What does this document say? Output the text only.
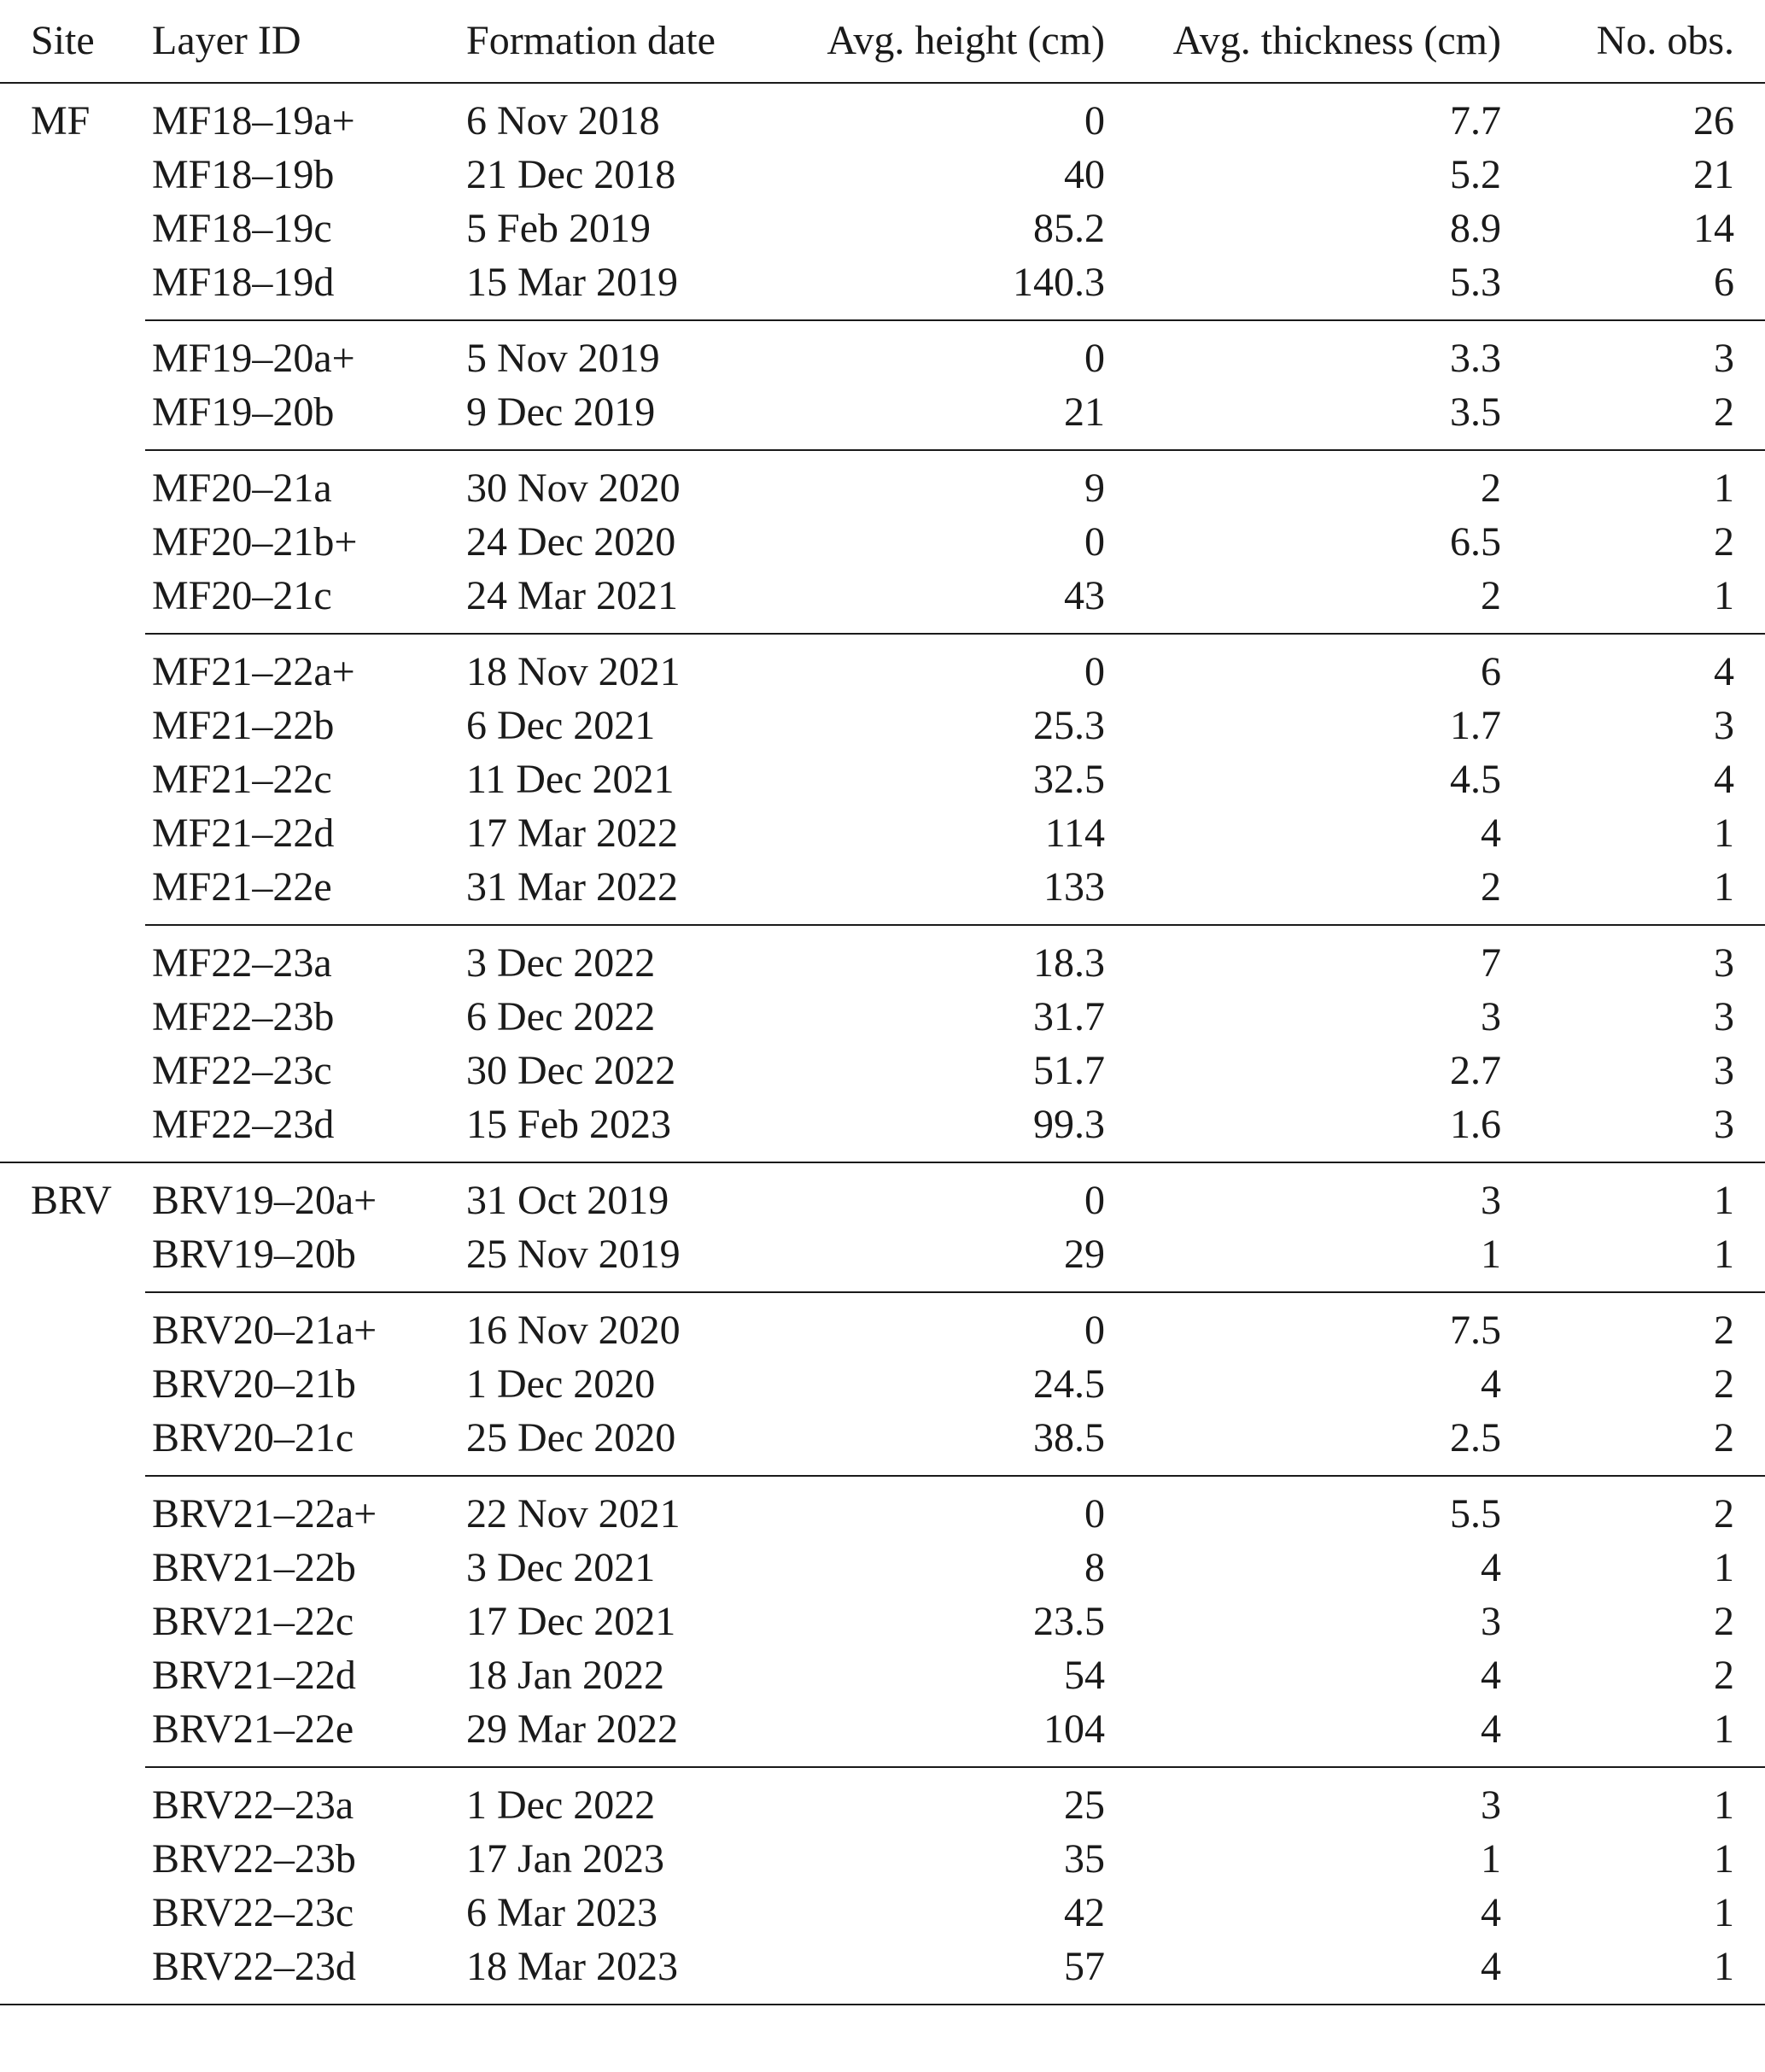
Site	Layer ID	Formation date	Avg. height (cm)	Avg. thickness (cm)	No. obs.

MF	MF18–19a+	6 Nov 2018	0	7.7	26
	MF18–19b	21 Dec 2018	40	5.2	21
	MF18–19c	5 Feb 2019	85.2	8.9	14
	MF18–19d	15 Mar 2019	140.3	5.3	6

	MF19–20a+	5 Nov 2019	0	3.3	3
	MF19–20b	9 Dec 2019	21	3.5	2

	MF20–21a	30 Nov 2020	9	2	1
	MF20–21b+	24 Dec 2020	0	6.5	2
	MF20–21c	24 Mar 2021	43	2	1

	MF21–22a+	18 Nov 2021	0	6	4
	MF21–22b	6 Dec 2021	25.3	1.7	3
	MF21–22c	11 Dec 2021	32.5	4.5	4
	MF21–22d	17 Mar 2022	114	4	1
	MF21–22e	31 Mar 2022	133	2	1

	MF22–23a	3 Dec 2022	18.3	7	3
	MF22–23b	6 Dec 2022	31.7	3	3
	MF22–23c	30 Dec 2022	51.7	2.7	3
	MF22–23d	15 Feb 2023	99.3	1.6	3

BRV	BRV19–20a+	31 Oct 2019	0	3	1
	BRV19–20b	25 Nov 2019	29	1	1

	BRV20–21a+	16 Nov 2020	0	7.5	2
	BRV20–21b	1 Dec 2020	24.5	4	2
	BRV20–21c	25 Dec 2020	38.5	2.5	2

	BRV21–22a+	22 Nov 2021	0	5.5	2
	BRV21–22b	3 Dec 2021	8	4	1
	BRV21–22c	17 Dec 2021	23.5	3	2
	BRV21–22d	18 Jan 2022	54	4	2
	BRV21–22e	29 Mar 2022	104	4	1

	BRV22–23a	1 Dec 2022	25	3	1
	BRV22–23b	17 Jan 2023	35	1	1
	BRV22–23c	6 Mar 2023	42	4	1
	BRV22–23d	18 Mar 2023	57	4	1
